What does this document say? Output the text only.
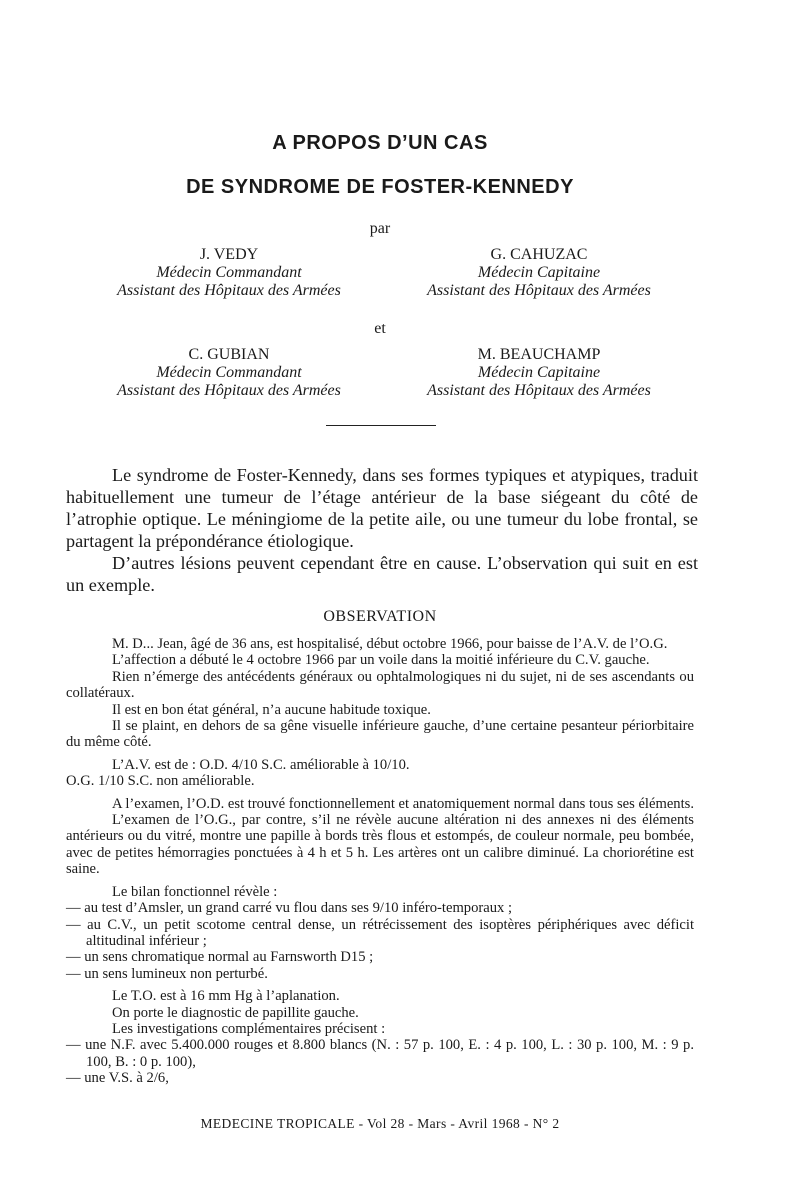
A PROPOS D’UN CAS
DE SYNDROME DE FOSTER-KENNEDY
par
J. VEDY
Médecin Commandant
Assistant des Hôpitaux des Armées
G. CAHUZAC
Médecin Capitaine
Assistant des Hôpitaux des Armées
et
C. GUBIAN
Médecin Commandant
Assistant des Hôpitaux des Armées
M. BEAUCHAMP
Médecin Capitaine
Assistant des Hôpitaux des Armées

Le syndrome de Foster-Kennedy, dans ses formes typiques et atypiques, traduit habituellement une tumeur de l’étage antérieur de la base siégeant du côté de l’atrophie optique. Le méningiome de la petite aile, ou une tumeur du lobe frontal, se partagent la prépondérance étiologique.

D’autres lésions peuvent cependant être en cause. L’observation qui suit en est un exemple.

OBSERVATION

M. D... Jean, âgé de 36 ans, est hospitalisé, début octobre 1966, pour baisse de l’A.V. de l’O.G.

L’affection a débuté le 4 octobre 1966 par un voile dans la moitié inférieure du C.V. gauche.

Rien n’émerge des antécédents généraux ou ophtalmologiques ni du sujet, ni de ses ascendants ou collatéraux.

Il est en bon état général, n’a aucune habitude toxique.

Il se plaint, en dehors de sa gêne visuelle inférieure gauche, d’une certaine pesanteur périorbitaire du même côté.

L’A.V. est de : O.D. 4/10 S.C. améliorable à 10/10.

O.G. 1/10 S.C. non améliorable.

A l’examen, l’O.D. est trouvé fonctionnellement et anatomiquement normal dans tous ses éléments.

L’examen de l’O.G., par contre, s’il ne révèle aucune altération ni des annexes ni des éléments antérieurs ou du vitré, montre une papille à bords très flous et estompés, de couleur normale, peu bombée, avec de petites hémorragies ponctuées à 4 h et 5 h. Les artères ont un calibre diminué. La choriorétine est saine.

Le bilan fonctionnel révèle :

— au test d’Amsler, un grand carré vu flou dans ses 9/10 inféro-temporaux ;

— au C.V., un petit scotome central dense, un rétrécissement des isoptères périphériques avec déficit altitudinal inférieur ;

— un sens chromatique normal au Farnsworth D15 ;

— un sens lumineux non perturbé.

Le T.O. est à 16 mm Hg à l’aplanation.

On porte le diagnostic de papillite gauche.

Les investigations complémentaires précisent :

— une N.F. avec 5.400.000 rouges et 8.800 blancs (N. : 57 p. 100, E. : 4 p. 100, L. : 30 p. 100, M. : 9 p. 100, B. : 0 p. 100),

— une V.S. à 2/6,

MEDECINE TROPICALE - Vol 28 - Mars - Avril 1968 - N° 2
